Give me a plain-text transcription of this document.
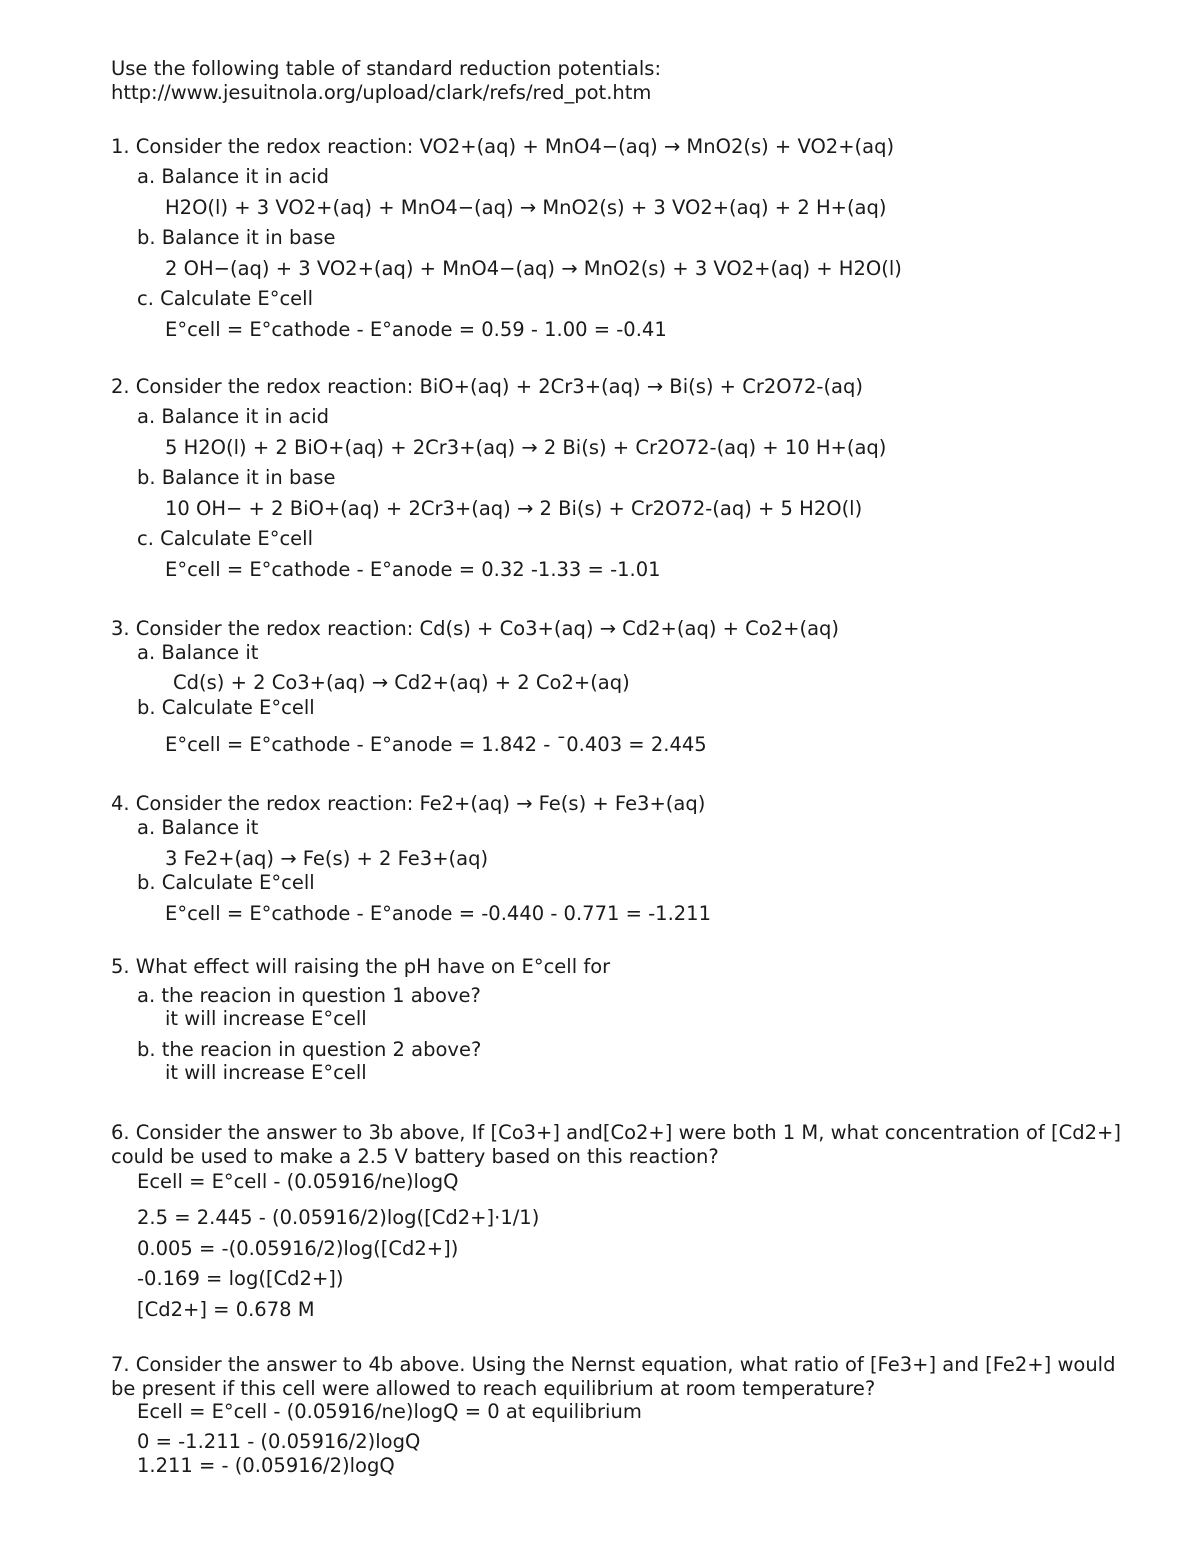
Use the following table of standard reduction potentials:
http://www.jesuitnola.org/upload/clark/refs/red_pot.htm
1. Consider the redox reaction: VO2+(aq) + MnO4−(aq) → MnO2(s) + VO2+(aq)
a. Balance it in acid
H2O(l) + 3 VO2+(aq) + MnO4−(aq) → MnO2(s) + 3 VO2+(aq) + 2 H+(aq)
b. Balance it in base
2 OH−(aq) + 3 VO2+(aq) + MnO4−(aq) → MnO2(s) + 3 VO2+(aq) + H2O(l)
c. Calculate E°cell
E°cell = E°cathode - E°anode = 0.59 - 1.00 = -0.41
2. Consider the redox reaction: BiO+(aq) + 2Cr3+(aq) → Bi(s) + Cr2O72-(aq)
a. Balance it in acid
5 H2O(l) + 2 BiO+(aq) + 2Cr3+(aq) → 2 Bi(s) + Cr2O72-(aq) + 10 H+(aq)
b. Balance it in base
10 OH− + 2 BiO+(aq) + 2Cr3+(aq) → 2 Bi(s) + Cr2O72-(aq) + 5 H2O(l)
c. Calculate E°cell
E°cell = E°cathode - E°anode = 0.32 -1.33 = -1.01
3. Consider the redox reaction: Cd(s) + Co3+(aq) → Cd2+(aq) + Co2+(aq)
a. Balance it
Cd(s) + 2 Co3+(aq) → Cd2+(aq) + 2 Co2+(aq)
b. Calculate E°cell
E°cell = E°cathode - E°anode = 1.842 - ¯0.403 = 2.445
4. Consider the redox reaction: Fe2+(aq) → Fe(s) + Fe3+(aq)
a. Balance it
3 Fe2+(aq) → Fe(s) + 2 Fe3+(aq)
b. Calculate E°cell
E°cell = E°cathode - E°anode = -0.440 - 0.771 = -1.211
5. What effect will raising the pH have on E°cell for
a. the reacion in question 1 above?
it will increase E°cell
b. the reacion in question 2 above?
it will increase E°cell
6. Consider the answer to 3b above, If [Co3+] and[Co2+] were both 1 M, what concentration of [Cd2+]
could be used to make a 2.5 V battery based on this reaction?
Ecell = E°cell - (0.05916/ne)logQ
2.5 = 2.445 - (0.05916/2)log([Cd2+]·1/1)
0.005 = -(0.05916/2)log([Cd2+])
-0.169 = log([Cd2+])
[Cd2+] = 0.678 M
7. Consider the answer to 4b above. Using the Nernst equation, what ratio of [Fe3+] and [Fe2+] would
be present if this cell were allowed to reach equilibrium at room temperature?
Ecell = E°cell - (0.05916/ne)logQ = 0 at equilibrium
0 = -1.211 - (0.05916/2)logQ
1.211 = - (0.05916/2)logQ
